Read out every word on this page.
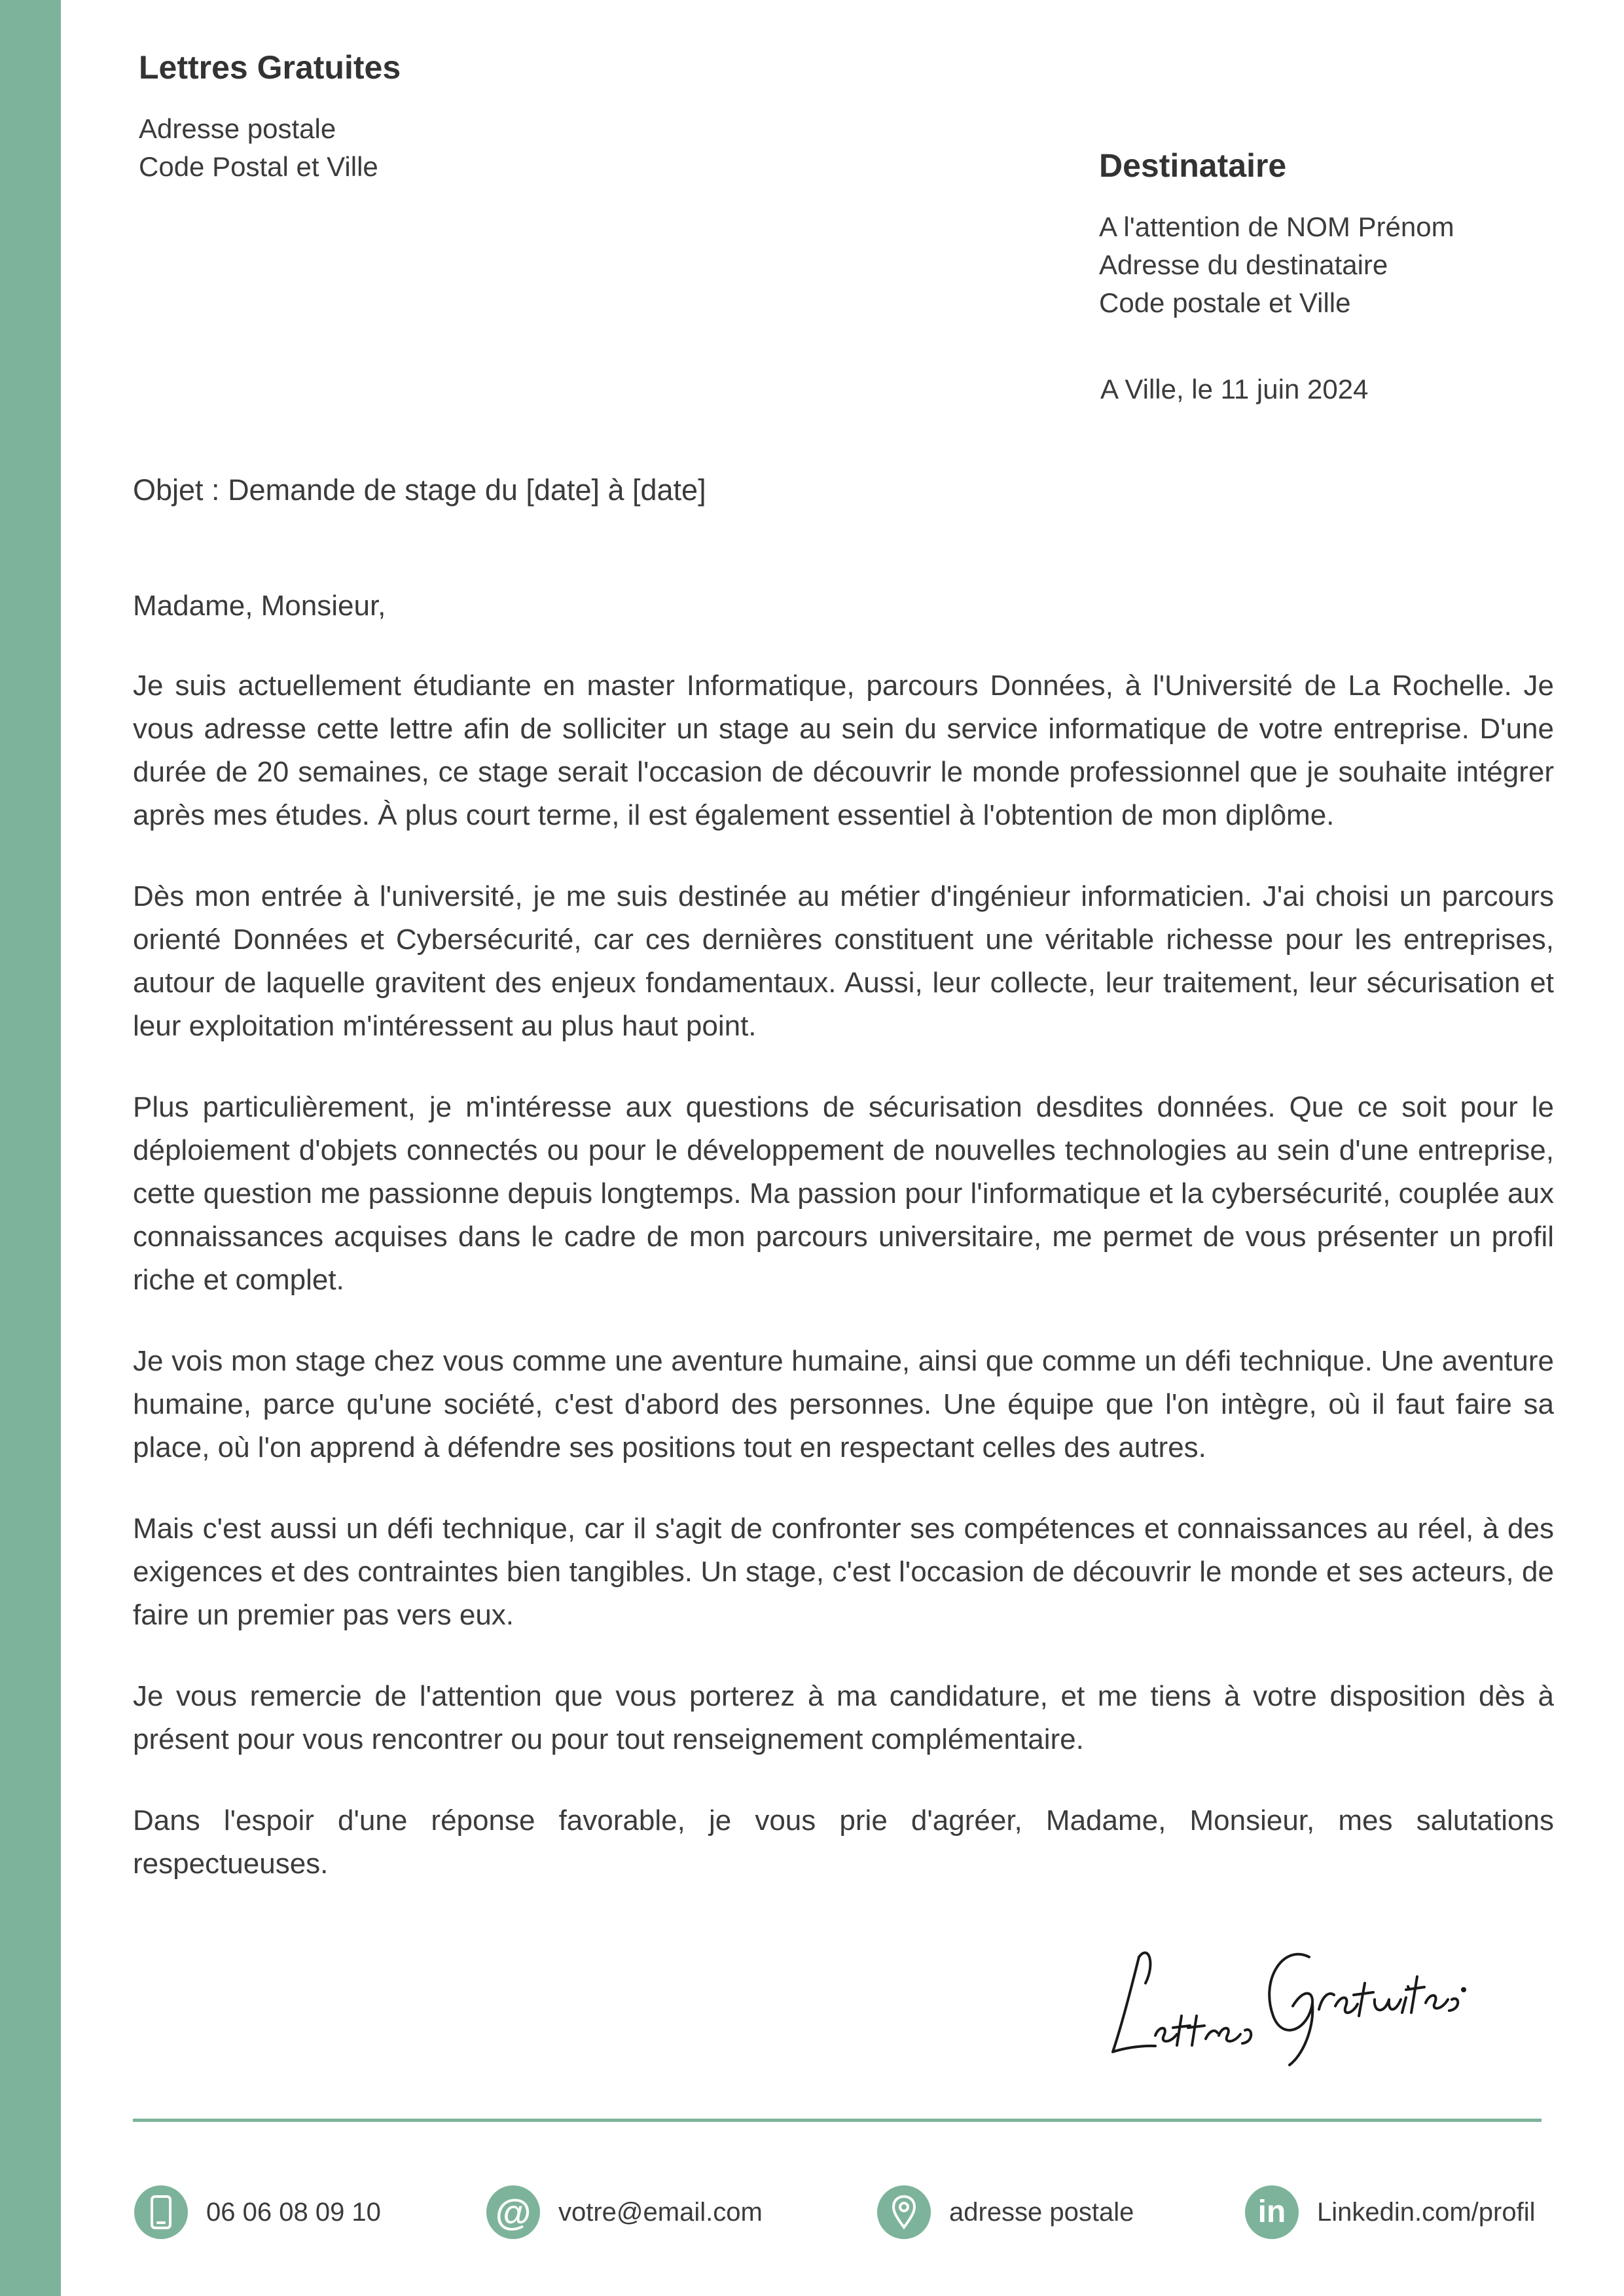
Lettres Gratuites
Adresse postale
Code Postal et Ville	Destinataire
A l'attention de NOM Prénom
Adresse du destinataire
Code postale et Ville
A Ville, le 11 juin 2024
Objet : Demande de stage du [date] à [date]
Madame, Monsieur,

Je suis actuellement étudiante en master Informatique, parcours Données, à l'Université de La Rochelle. Je vous adresse cette lettre afin de solliciter un stage au sein du service informatique de votre entreprise. D'une durée de 20 semaines, ce stage serait l'occasion de découvrir le monde professionnel que je souhaite intégrer après mes études. À plus court terme, il est également essentiel à l'obtention de mon diplôme.

Dès mon entrée à l'université, je me suis destinée au métier d'ingénieur informaticien. J'ai choisi un parcours orienté Données et Cybersécurité, car ces dernières constituent une véritable richesse pour les entreprises, autour de laquelle gravitent des enjeux fondamentaux. Aussi, leur collecte, leur traitement, leur sécurisation et leur exploitation m'intéressent au plus haut point.

Plus particulièrement, je m'intéresse aux questions de sécurisation desdites données. Que ce soit pour le déploiement d'objets connectés ou pour le développement de nouvelles technologies au sein d'une entreprise, cette question me passionne depuis longtemps. Ma passion pour l'informatique et la cybersécurité, couplée aux connaissances acquises dans le cadre de mon parcours universitaire, me permet de vous présenter un profil riche et complet.

Je vois mon stage chez vous comme une aventure humaine, ainsi que comme un défi technique. Une aventure humaine, parce qu'une société, c'est d'abord des personnes. Une équipe que l'on intègre, où il faut faire sa place, où l'on apprend à défendre ses positions tout en respectant celles des autres.

Mais c'est aussi un défi technique, car il s'agit de confronter ses compétences et connaissances au réel, à des exigences et des contraintes bien tangibles. Un stage, c'est l'occasion de découvrir le monde et ses acteurs, de faire un premier pas vers eux.

Je vous remercie de l'attention que vous porterez à ma candidature, et me tiens à votre disposition dès à présent pour vous rencontrer ou pour tout renseignement complémentaire.

Dans l'espoir d'une réponse favorable, je vous prie d'agréer, Madame, Monsieur, mes salutations respectueuses.

06 06 08 09 10	@ votre@email.com	adresse postale	in Linkedin.com/profil
